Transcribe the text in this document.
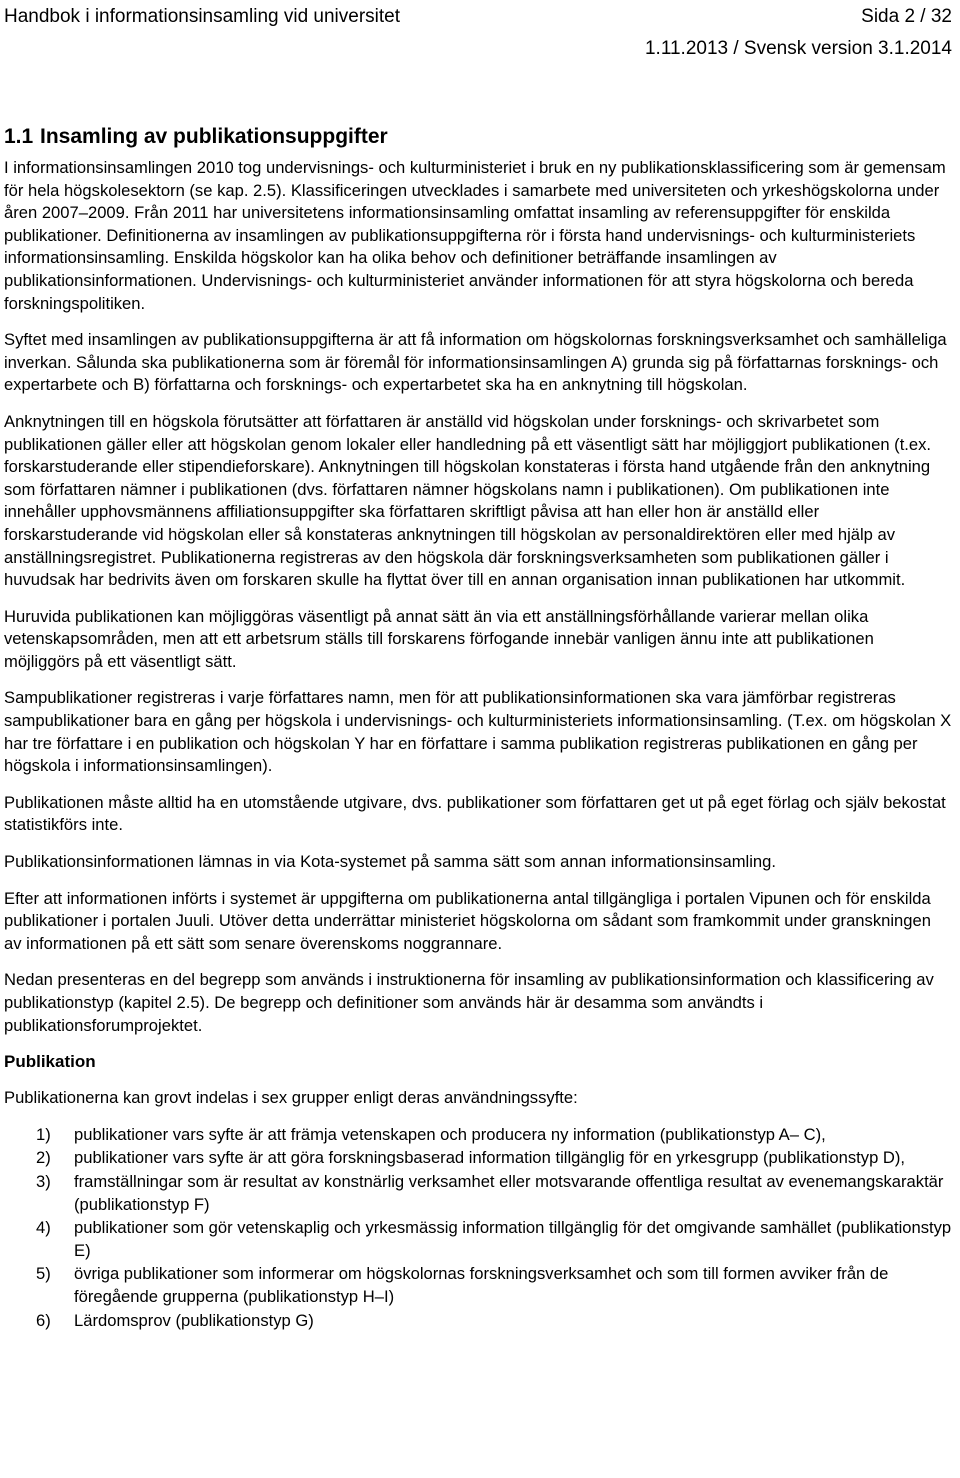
Handbok i informationsinsamling vid universitet	Sida 2 / 32
1.11.2013 / Svensk version 3.1.2014
1.1 Insamling av publikationsuppgifter

I informationsinsamlingen 2010 tog undervisnings- och kulturministeriet i bruk en ny publikationsklassificering som är gemensam för hela högskolesektorn (se kap. 2.5). Klassificeringen utvecklades i samarbete med universiteten och yrkeshögskolorna under åren 2007–2009. Från 2011 har universitetens informationsinsamling omfattat insamling av referensuppgifter för enskilda publikationer. Definitionerna av insamlingen av publikationsuppgifterna rör i första hand undervisnings- och kulturministeriets informationsinsamling. Enskilda högskolor kan ha olika behov och definitioner beträffande insamlingen av publikationsinformationen. Undervisnings- och kulturministeriet använder informationen för att styra högskolorna och bereda forskningspolitiken.

Syftet med insamlingen av publikationsuppgifterna är att få information om högskolornas forskningsverksamhet och samhälleliga inverkan. Sålunda ska publikationerna som är föremål för informationsinsamlingen A) grunda sig på författarnas forsknings- och expertarbete och B) författarna och forsknings- och expertarbetet ska ha en anknytning till högskolan.

Anknytningen till en högskola förutsätter att författaren är anställd vid högskolan under forsknings- och skrivarbetet som publikationen gäller eller att högskolan genom lokaler eller handledning på ett väsentligt sätt har möjliggjort publikationen (t.ex. forskarstuderande eller stipendieforskare). Anknytningen till högskolan konstateras i första hand utgående från den anknytning som författaren nämner i publikationen (dvs. författaren nämner högskolans namn i publikationen). Om publikationen inte innehåller upphovsmännens affiliationsuppgifter ska författaren skriftligt påvisa att han eller hon är anställd eller forskarstuderande vid högskolan eller så konstateras anknytningen till högskolan av personaldirektören eller med hjälp av anställningsregistret. Publikationerna registreras av den högskola där forskningsverksamheten som publikationen gäller i huvudsak har bedrivits även om forskaren skulle ha flyttat över till en annan organisation innan publikationen har utkommit.

Huruvida publikationen kan möjliggöras väsentligt på annat sätt än via ett anställningsförhållande varierar mellan olika vetenskapsområden, men att ett arbetsrum ställs till forskarens förfogande innebär vanligen ännu inte att publikationen möjliggörs på ett väsentligt sätt.

Sampublikationer registreras i varje författares namn, men för att publikationsinformationen ska vara jämförbar registreras sampublikationer bara en gång per högskola i undervisnings- och kulturministeriets informationsinsamling. (T.ex. om högskolan X har tre författare i en publikation och högskolan Y har en författare i samma publikation registreras publikationen en gång per högskola i informationsinsamlingen).

Publikationen måste alltid ha en utomstående utgivare, dvs. publikationer som författaren get ut på eget förlag och själv bekostat statistikförs inte.

Publikationsinformationen lämnas in via Kota-systemet på samma sätt som annan informationsinsamling.

Efter att informationen införts i systemet är uppgifterna om publikationerna antal tillgängliga i portalen Vipunen och för enskilda publikationer i portalen Juuli. Utöver detta underrättar ministeriet högskolorna om sådant som framkommit under granskningen av informationen på ett sätt som senare överenskoms noggrannare.

Nedan presenteras en del begrepp som används i instruktionerna för insamling av publikationsinformation och klassificering av publikationstyp (kapitel 2.5). De begrepp och definitioner som används här är desamma som användts i publikationsforumprojektet.

Publikation

Publikationerna kan grovt indelas i sex grupper enligt deras användningssyfte:

1) publikationer vars syfte är att främja vetenskapen och producera ny information (publikationstyp A– C),
2) publikationer vars syfte är att göra forskningsbaserad information tillgänglig för en yrkesgrupp (publikationstyp D),
3) framställningar som är resultat av konstnärlig verksamhet eller motsvarande offentliga resultat av evenemangskaraktär (publikationstyp F)
4) publikationer som gör vetenskaplig och yrkesmässig information tillgänglig för det omgivande samhället (publikationstyp E)
5) övriga publikationer som informerar om högskolornas forskningsverksamhet och som till formen avviker från de föregående grupperna (publikationstyp H–I)
6) Lärdomsprov (publikationstyp G)
